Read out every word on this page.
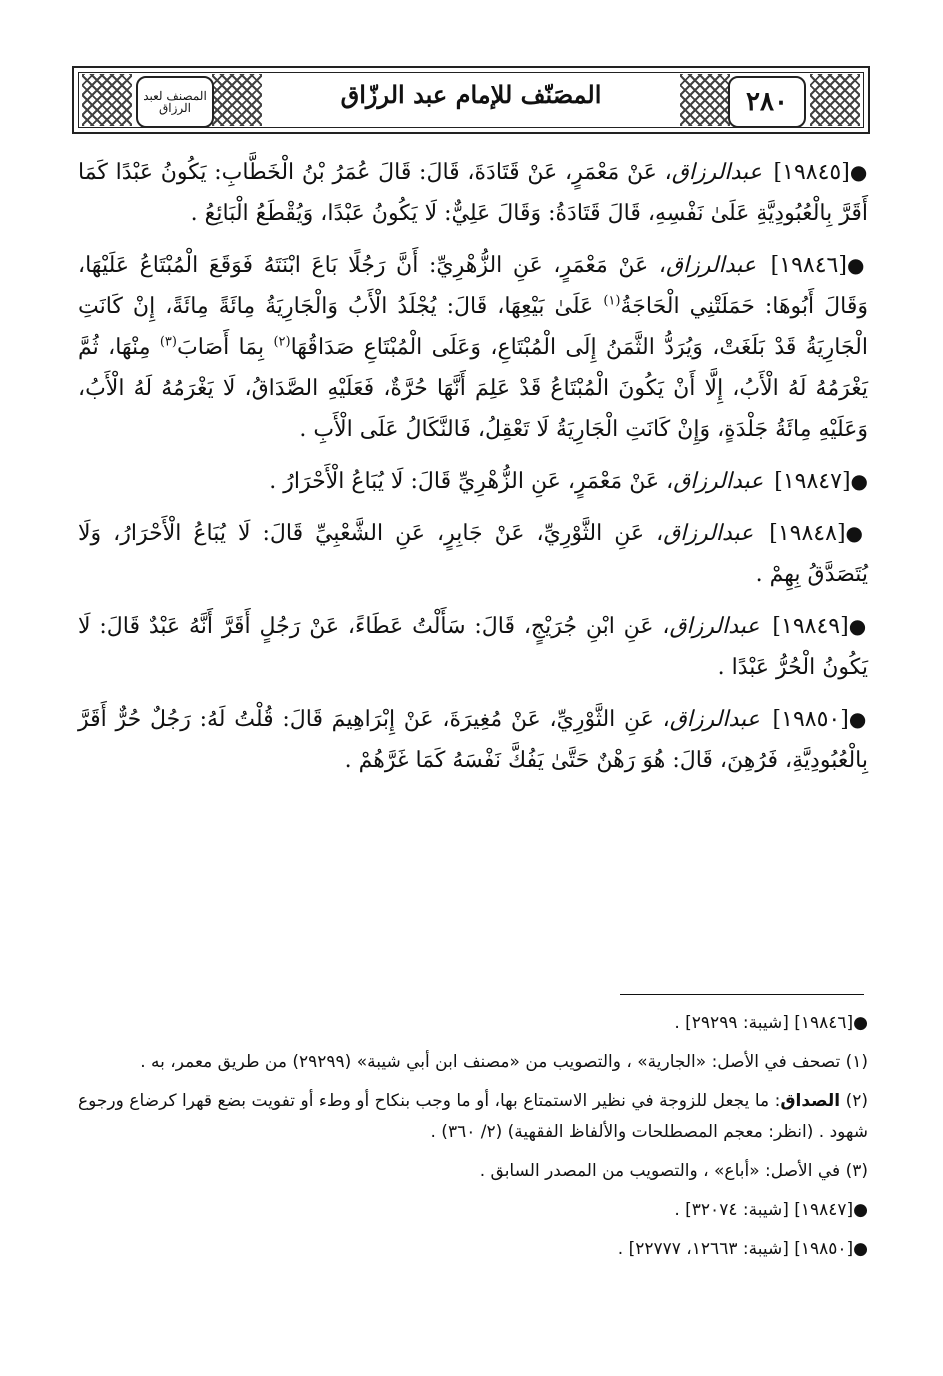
المصنف لعبد الرزاق	المصَنّف للإمام عبد الرزّاق	٢٨٠

●[١٩٨٤٥] عبدالرزاق، عَنْ مَعْمَرٍ، عَنْ قَتَادَةَ، قَالَ: قَالَ عُمَرُ بْنُ الْخَطَّابِ: يَكُونُ عَبْدًا كَمَا أَقَرَّ بِالْعُبُودِيَّةِ عَلَىٰ نَفْسِهِ، قَالَ قَتَادَةُ: وَقَالَ عَلِيٌّ: لَا يَكُونُ عَبْدًا، وَيُقْطَعُ الْبَائِعُ .

●[١٩٨٤٦] عبدالرزاق، عَنْ مَعْمَرٍ، عَنِ الزُّهْرِيِّ: أَنَّ رَجُلًا بَاعَ ابْنَتَهُ فَوَقَعَ الْمُبْتَاعُ عَلَيْهَا، وَقَالَ أَبُوهَا: حَمَلَتْنِي الْحَاجَةُ$^{(١)}$ عَلَىٰ بَيْعِهَا، قَالَ: يُجْلَدُ الْأَبُ وَالْجَارِيَةُ مِائَةً مِائَةً، إِنْ كَانَتِ الْجَارِيَةُ قَدْ بَلَغَتْ، وَيُرَدُّ الثَّمَنُ إِلَى الْمُبْتَاعِ، وَعَلَى الْمُبْتَاعِ صَدَاقُهَا$^{(٢)}$ بِمَا أَصَابَ$^{(٣)}$ مِنْهَا، ثُمَّ يَغْرَمُهُ لَهُ الْأَبُ، إِلَّا أَنْ يَكُونَ الْمُبْتَاعُ قَدْ عَلِمَ أَنَّهَا حُرَّةٌ، فَعَلَيْهِ الصَّدَاقُ، لَا يَغْرَمُهُ لَهُ الْأَبُ، وَعَلَيْهِ مِائَةُ جَلْدَةٍ، وَإِنْ كَانَتِ الْجَارِيَةُ لَا تَعْقِلُ، فَالنَّكَالُ عَلَى الْأَبِ .

●[١٩٨٤٧] عبدالرزاق، عَنْ مَعْمَرٍ، عَنِ الزُّهْرِيِّ قَالَ: لَا يُبَاعُ الْأَحْرَارُ .

●[١٩٨٤٨] عبدالرزاق، عَنِ الثَّوْرِيِّ، عَنْ جَابِرٍ، عَنِ الشَّعْبِيِّ قَالَ: لَا يُبَاعُ الْأَحْرَارُ، وَلَا يُتَصَدَّقُ بِهِمْ .

●[١٩٨٤٩] عبدالرزاق، عَنِ ابْنِ جُرَيْجٍ، قَالَ: سَأَلْتُ عَطَاءً، عَنْ رَجُلٍ أَقَرَّ أَنَّهُ عَبْدٌ قَالَ: لَا يَكُونُ الْحُرُّ عَبْدًا .

●[١٩٨٥٠] عبدالرزاق، عَنِ الثَّوْرِيِّ، عَنْ مُغِيرَةَ، عَنْ إِبْرَاهِيمَ قَالَ: قُلْتُ لَهُ: رَجُلٌ حُرٌّ أَقَرَّ بِالْعُبُودِيَّةِ، فَرُهِنَ، قَالَ: هُوَ رَهْنٌ حَتَّىٰ يَفُكَّ نَفْسَهُ كَمَا غَرَّهُمْ .

●[١٩٨٤٦] [شيبة: ٢٩٢٩٩] .

(١) تصحف في الأصل: «الجارية» ، والتصويب من «مصنف ابن أبي شيبة» (٢٩٢٩٩) من طريق معمر، به .

(٢) الصداق: ما يجعل للزوجة في نظير الاستمتاع بها، أو ما وجب بنكاح أو وطء أو تفويت بضع قهرا كرضاع ورجوع شهود . (انظر: معجم المصطلحات والألفاظ الفقهية) (٢/ ٣٦٠) .

(٣) في الأصل: «أباع» ، والتصويب من المصدر السابق .

●[١٩٨٤٧] [شيبة: ٣٢٠٧٤] .

●[١٩٨٥٠] [شيبة: ١٢٦٦٣، ٢٢٧٧٧] .
